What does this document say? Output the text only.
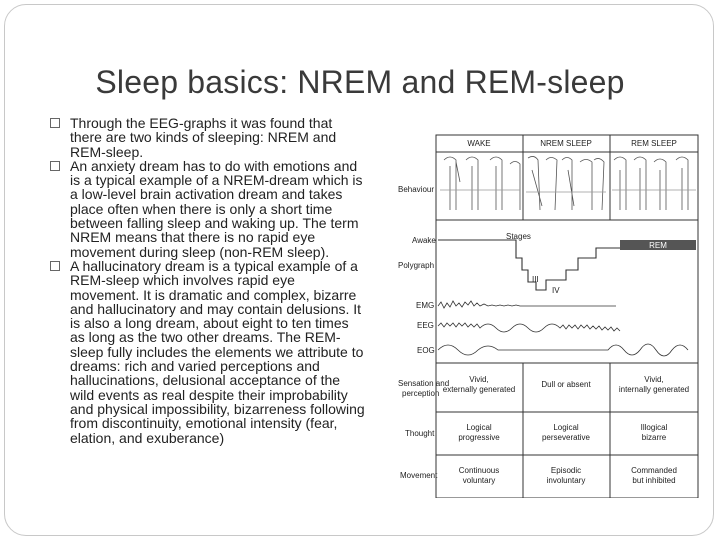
Sleep basics: NREM and REM-sleep
Through the EEG-graphs it was found that there are two kinds of sleeping: NREM and REM-sleep.
An anxiety dream has to do with emotions and is a typical example of a NREM-dream which is a low-level brain activation dream and takes place often when there is only a short time between falling sleep and waking up. The term NREM means that there is no rapid eye movement during sleep (non-REM sleep).
A hallucinatory dream is a typical example of a REM-sleep which involves rapid eye movement. It is dramatic and complex, bizarre and hallucinatory and may contain delusions. It is also a long dream, about eight to ten times as long as the two other dreams. The REM-sleep fully includes the elements we attribute to dreams: rich and varied perceptions and hallucinations, delusional acceptance of the wild events as real despite their improbability and physical impossibility, bizarreness following from discontinuity, emotional intensity (fear, elation, and exuberance)
Behaviour
Awake
Polygraph
EMG
EEG
EOG
Sensation and
perception
Thought
Movement
WAKE	NREM SLEEP	REM SLEEP
Stages
REM
III
IV
Vivid,
externally generated
Dull or absent
Vivid,
internally generated
Logical
progressive
Logical
perseverative
Illogical
bizarre
Continuous
voluntary
Episodic
involuntary
Commanded
but inhibited
